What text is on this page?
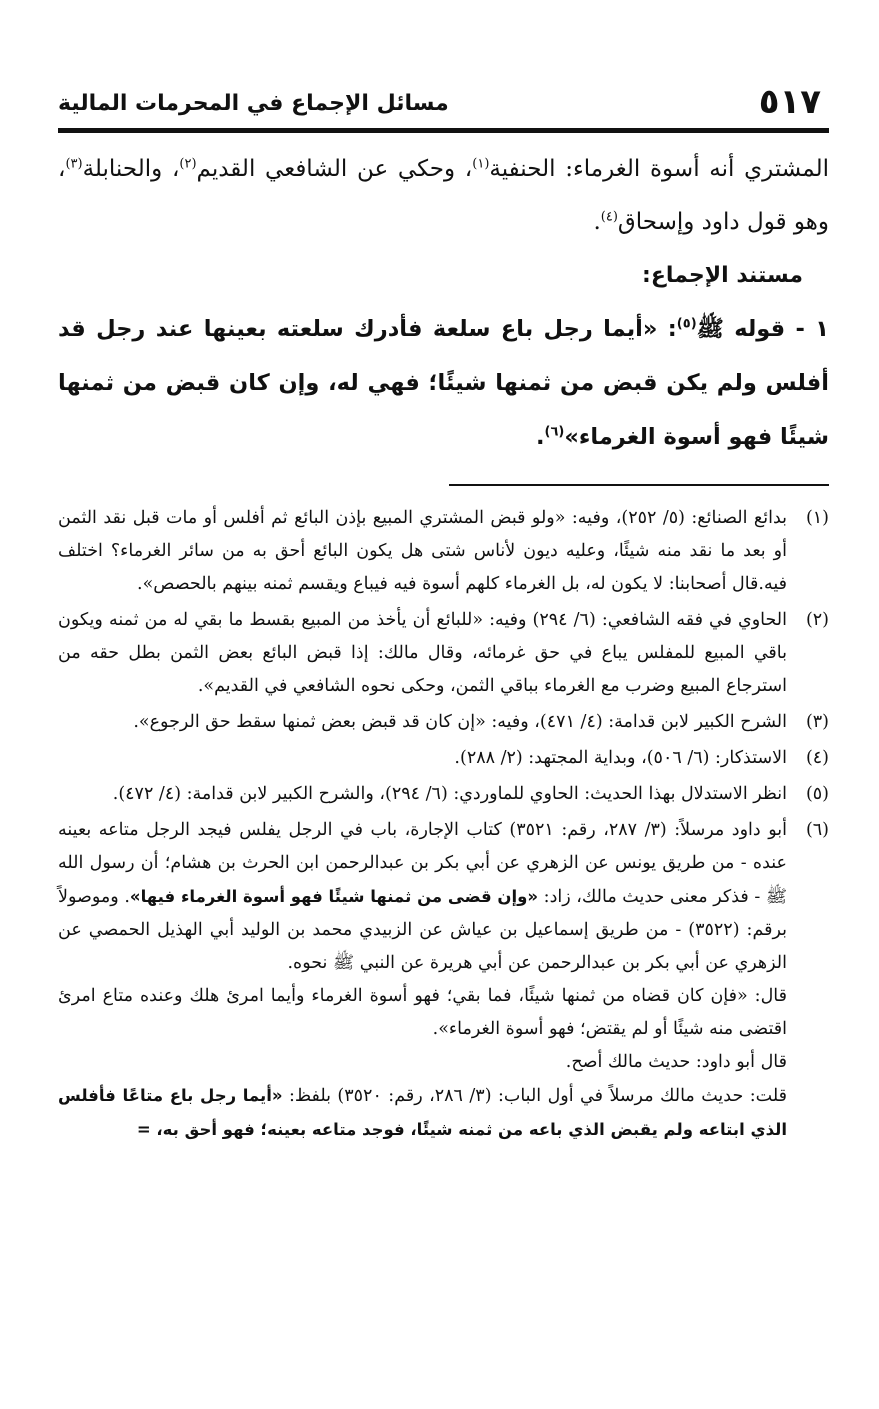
٥١٧
مسائل الإجماع في المحرمات المالية

المشتري أنه أسوة الغرماء: الحنفية$^{(١)}$، وحكي عن الشافعي القديم$^{(٢)}$، والحنابلة$^{(٣)}$، وهو قول داود وإسحاق$^{(٤)}$.

مستند الإجماع:

١ - قوله ﷺ$^{(٥)}$: «أيما رجل باع سلعة فأدرك سلعته بعينها عند رجل قد أفلس ولم يكن قبض من ثمنها شيئًا؛ فهي له، وإن كان قبض من ثمنها شيئًا فهو أسوة الغرماء»$^{(٦)}$.

(١)
بدائع الصنائع: (٥/ ٢٥٢)، وفيه: «ولو قبض المشتري المبيع بإذن البائع ثم أفلس أو مات قبل نقد الثمن أو بعد ما نقد منه شيئًا، وعليه ديون لأناس شتى هل يكون البائع أحق به من سائر الغرماء؟ اختلف فيه.قال أصحابنا: لا يكون له، بل الغرماء كلهم أسوة فيه فيباع ويقسم ثمنه بينهم بالحصص».
(٢)
الحاوي في فقه الشافعي: (٦/ ٢٩٤) وفيه: «للبائع أن يأخذ من المبيع بقسط ما بقي له من ثمنه ويكون باقي المبيع للمفلس يباع في حق غرمائه، وقال مالك: إذا قبض البائع بعض الثمن بطل حقه من استرجاع المبيع وضرب مع الغرماء بباقي الثمن، وحكى نحوه الشافعي في القديم».
(٣)
الشرح الكبير لابن قدامة: (٤/ ٤٧١)، وفيه: «إن كان قد قبض بعض ثمنها سقط حق الرجوع».
(٤)
الاستذكار: (٦/ ٥٠٦)، وبداية المجتهد: (٢/ ٢٨٨).
(٥)
انظر الاستدلال بهذا الحديث: الحاوي للماوردي: (٦/ ٢٩٤)، والشرح الكبير لابن قدامة: (٤/ ٤٧٢).
(٦)

أبو داود مرسلاً: (٣/ ٢٨٧، رقم: ٣٥٢١) كتاب الإجارة، باب في الرجل يفلس فيجد الرجل متاعه بعينه عنده - من طريق يونس عن الزهري عن أبي بكر بن عبدالرحمن ابن الحرث بن هشام؛ أن رسول الله ﷺ - فذكر معنى حديث مالك، زاد: «وإن قضى من ثمنها شيئًا فهو أسوة الغرماء فيها». وموصولاً برقم: (٣٥٢٢) - من طريق إسماعيل بن عياش عن الزبيدي محمد بن الوليد أبي الهذيل الحمصي عن الزهري عن أبي بكر بن عبدالرحمن عن أبي هريرة عن النبي ﷺ نحوه.

قال: «فإن كان قضاه من ثمنها شيئًا، فما بقي؛ فهو أسوة الغرماء وأيما امرئ هلك وعنده متاع امرئ اقتضى منه شيئًا أو لم يقتض؛ فهو أسوة الغرماء».

قال أبو داود: حديث مالك أصح.

قلت: حديث مالك مرسلاً في أول الباب: (٣/ ٢٨٦، رقم: ٣٥٢٠) بلفظ: «أيما رجل باع متاعًا فأفلس الذي ابتاعه ولم يقبض الذي باعه من ثمنه شيئًا، فوجد متاعه بعينه؛ فهو أحق به، =
